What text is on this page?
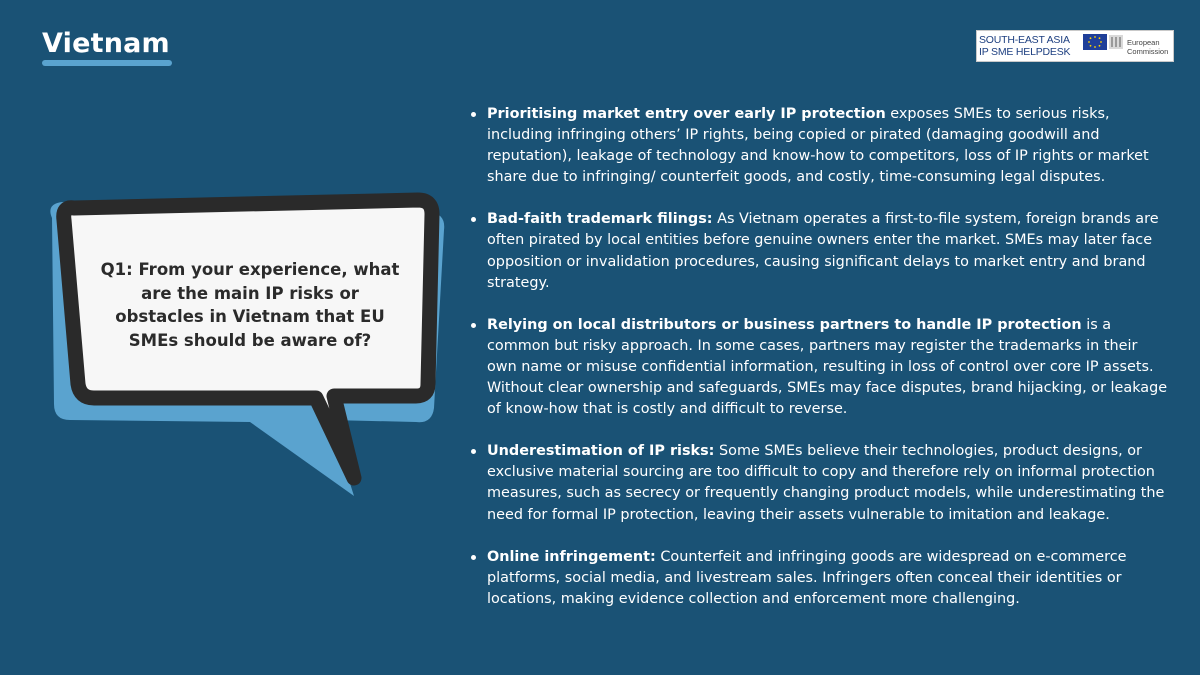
Vietnam	SOUTH-EAST ASIA
IP SME HELPDESK
European
Commission
Q1: From your experience, what are the main IP risks or obstacles in Vietnam that EU SMEs should be aware of?
Prioritising market entry over early IP protection exposes SMEs to serious risks, including infringing others’ IP rights, being copied or pirated (damaging goodwill and reputation), leakage of technology and know-how to competitors, loss of IP rights or market share due to infringing/ counterfeit goods, and costly, time-consuming legal disputes.
Bad-faith trademark filings: As Vietnam operates a first-to-file system, foreign brands are often pirated by local entities before genuine owners enter the market. SMEs may later face opposition or invalidation procedures, causing significant delays to market entry and brand strategy.
Relying on local distributors or business partners to handle IP protection is a common but risky approach. In some cases, partners may register the trademarks in their own name or misuse confidential information, resulting in loss of control over core IP assets. Without clear ownership and safeguards, SMEs may face disputes, brand hijacking, or leakage of know-how that is costly and difficult to reverse.
Underestimation of IP risks: Some SMEs believe their technologies, product designs, or exclusive material sourcing are too difficult to copy and therefore rely on informal protection measures, such as secrecy or frequently changing product models, while underestimating the need for formal IP protection, leaving their assets vulnerable to imitation and leakage.
Online infringement: Counterfeit and infringing goods are widespread on e-commerce platforms, social media, and livestream sales. Infringers often conceal their identities or locations, making evidence collection and enforcement more challenging.
